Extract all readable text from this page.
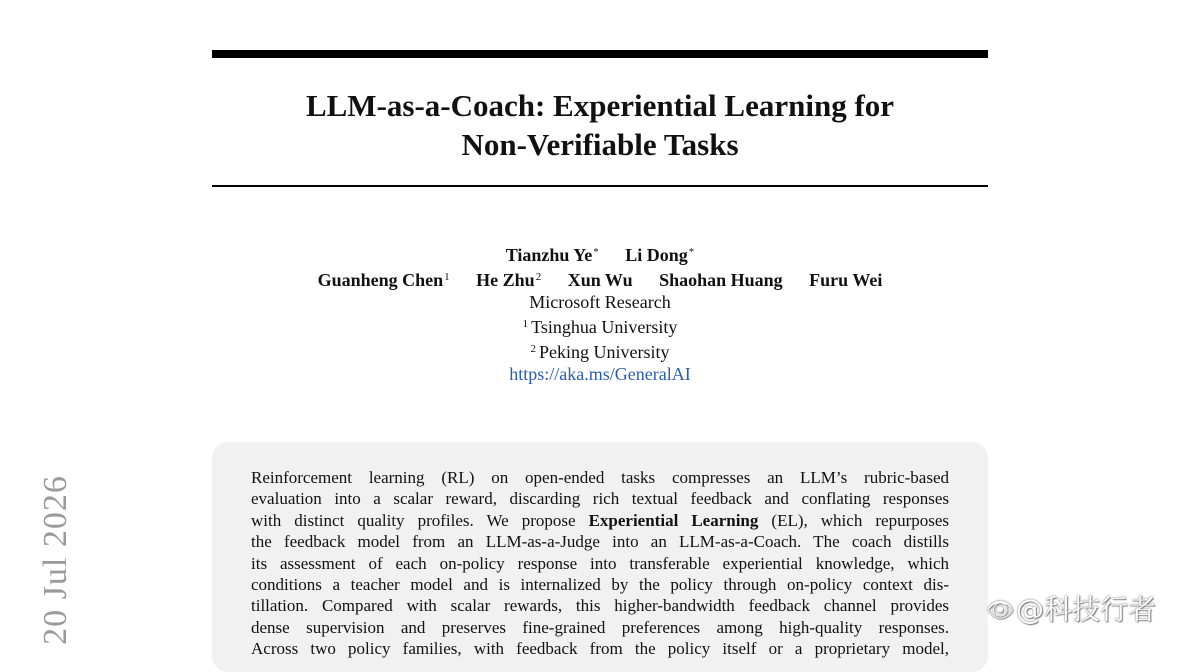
LLM-as-a-Coach: Experiential Learning for
Non-Verifiable Tasks
Tianzhu Ye* Li Dong*
Guanheng Chen$^1$ He Zhu$^2$ Xun Wu Shaohan Huang Furu Wei
Microsoft Research
$^1$ Tsinghua University
$^2$ Peking University
https://aka.ms/GeneralAI
Reinforcement learning (RL) on open-ended tasks compresses an LLM’s rubric-based
evaluation into a scalar reward, discarding rich textual feedback and conflating responses
with distinct quality profiles. We propose Experiential Learning (EL), which repurposes
the feedback model from an LLM-as-a-Judge into an LLM-as-a-Coach. The coach distills
its assessment of each on-policy response into transferable experiential knowledge, which
conditions a teacher model and is internalized by the policy through on-policy context dis-
tillation. Compared with scalar rewards, this higher-bandwidth feedback channel provides
dense supervision and preserves fine-grained preferences among high-quality responses.
Across two policy families, with feedback from the policy itself or a proprietary model,
20 Jul 2026	👁@科技行者
